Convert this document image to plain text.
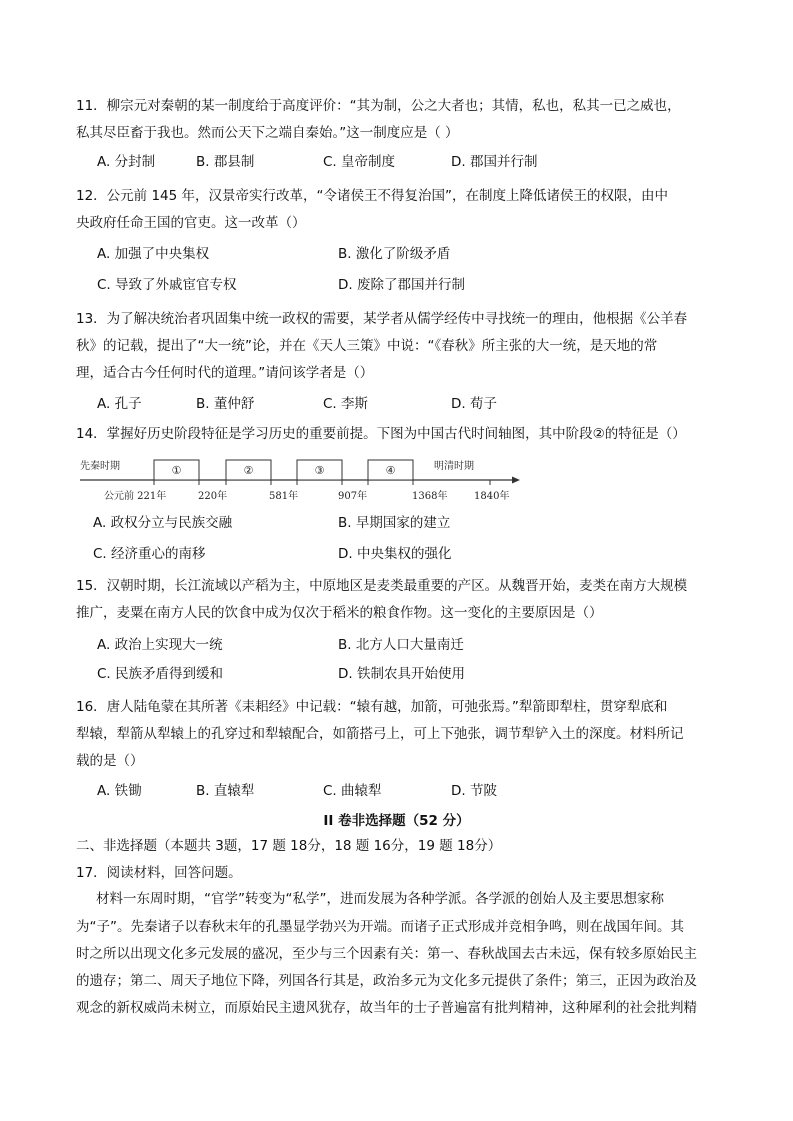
11．柳宗元对秦朝的某一制度给于高度评价：“其为制，公之大者也；其情，私也，私其一已之威也，
私其尽臣畜于我也。然而公天下之端自秦始。”这一制度应是（ ）
A. 分封制	B. 郡县制	C. 皇帝制度	D. 郡国并行制
12．公元前 145 年，汉景帝实行改革，“令诸侯王不得复治国”，在制度上降低诸侯王的权限，由中
央政府任命王国的官吏。这一改革（）
A. 加强了中央集权	B. 激化了阶级矛盾
C. 导致了外戚宦官专权	D. 废除了郡国并行制
13．为了解决统治者巩固集中统一政权的需要，某学者从儒学经传中寻找统一的理由，他根据《公羊春
秋》的记载，提出了“大一统”论，并在《天人三策》中说：“《春秋》所主张的大一统，是天地的常
理，适合古今任何时代的道理。”请问该学者是（）
A. 孔子	B. 董仲舒	C. 李斯	D. 荀子
14．掌握好历史阶段特征是学习历史的重要前提。下图为中国古代时间轴图，其中阶段②的特征是（）
先秦时期	明清时期
①	②	③	④
公元前 221年	220年	581年	907年	1368年	1840年
A. 政权分立与民族交融	B. 早期国家的建立
C. 经济重心的南移	D. 中央集权的强化
15．汉朝时期，长江流域以产稻为主，中原地区是麦类最重要的产区。从魏晋开始，麦类在南方大规模
推广，麦粟在南方人民的饮食中成为仅次于稻米的粮食作物。这一变化的主要原因是（）
A. 政治上实现大一统	B. 北方人口大量南迁
C. 民族矛盾得到缓和	D. 铁制农具开始使用
16．唐人陆龟蒙在其所著《耒耜经》中记载：“辕有越，加箭，可弛张焉。”犁箭即犁柱，贯穿犁底和
犁辕，犁箭从犁辕上的孔穿过和犁辕配合，如箭搭弓上，可上下弛张，调节犁铲入土的深度。材料所记
载的是（）
A. 铁锄	B. 直辕犁	C. 曲辕犁	D. 节陂
II 卷非选择题（52 分）
二、非选择题（本题共 3题，17 题 18分，18 题 16分，19 题 18分）
17．阅读材料，回答问题。
材料一东周时期，“官学”转变为“私学”，进而发展为各种学派。各学派的创始人及主要思想家称
为“子”。先秦诸子以春秋末年的孔墨显学勃兴为开端。而诸子正式形成并竞相争鸣，则在战国年间。其
时之所以出现文化多元发展的盛况，至少与三个因素有关：第一、春秋战国去古未远，保有较多原始民主
的遗存；第二、周天子地位下降，列国各行其是，政治多元为文化多元提供了条件；第三，正因为政治及
观念的新权威尚未树立，而原始民主遗风犹存，故当年的士子普遍富有批判精神，这种犀利的社会批判精
